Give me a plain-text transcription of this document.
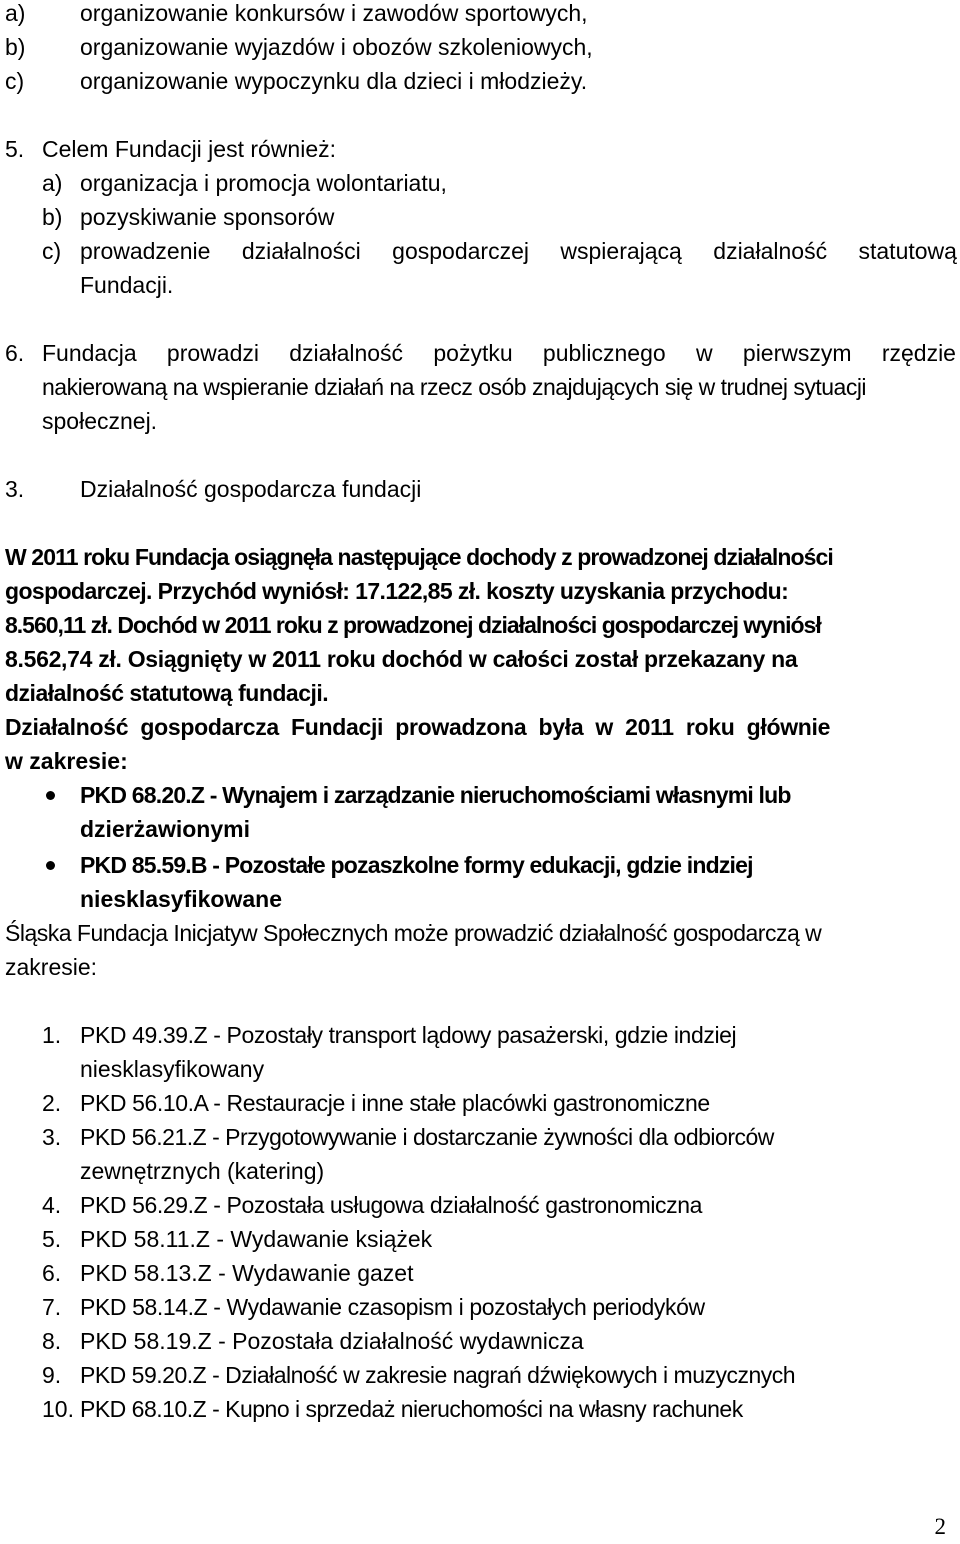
a) organizowanie konkursów i zawodów sportowych,
b) organizowanie wyjazdów i obozów szkoleniowych,
c) organizowanie wypoczynku dla dzieci i młodzieży.
5. Celem Fundacji jest również:
a) organizacja i promocja wolontariatu,
b) pozyskiwanie sponsorów
c) prowadzenie działalności gospodarczej wspierającą działalność statutową
Fundacji.
6. Fundacja prowadzi działalność pożytku publicznego w pierwszym rzędzie
nakierowaną na wspieranie działań na rzecz osób znajdujących się w trudnej sytuacji
społecznej.
3. Działalność gospodarcza fundacji
W 2011 roku Fundacja osiągnęła następujące dochody z prowadzonej działalności
gospodarczej. Przychód wyniósł: 17.122,85 zł. koszty uzyskania przychodu:
8.560,11 zł. Dochód w 2011 roku z prowadzonej działalności gospodarczej wyniósł
8.562,74 zł. Osiągnięty w 2011 roku dochód w całości został przekazany na
działalność statutową fundacji.
Działalność gospodarcza Fundacji prowadzona była w 2011 roku głównie
w zakresie:
PKD 68.20.Z - Wynajem i zarządzanie nieruchomościami własnymi lub
dzierżawionymi
PKD 85.59.B - Pozostałe pozaszkolne formy edukacji, gdzie indziej
niesklasyfikowane
Śląska Fundacja Inicjatyw Społecznych może prowadzić działalność gospodarczą w
zakresie:
1. PKD 49.39.Z - Pozostały transport lądowy pasażerski, gdzie indziej
niesklasyfikowany
2. PKD 56.10.A - Restauracje i inne stałe placówki gastronomiczne
3. PKD 56.21.Z - Przygotowywanie i dostarczanie żywności dla odbiorców
zewnętrznych (katering)
4. PKD 56.29.Z - Pozostała usługowa działalność gastronomiczna
5. PKD 58.11.Z - Wydawanie książek
6. PKD 58.13.Z - Wydawanie gazet
7. PKD 58.14.Z - Wydawanie czasopism i pozostałych periodyków
8. PKD 58.19.Z - Pozostała działalność wydawnicza
9. PKD 59.20.Z - Działalność w zakresie nagrań dźwiękowych i muzycznych
10. PKD 68.10.Z - Kupno i sprzedaż nieruchomości na własny rachunek
2
